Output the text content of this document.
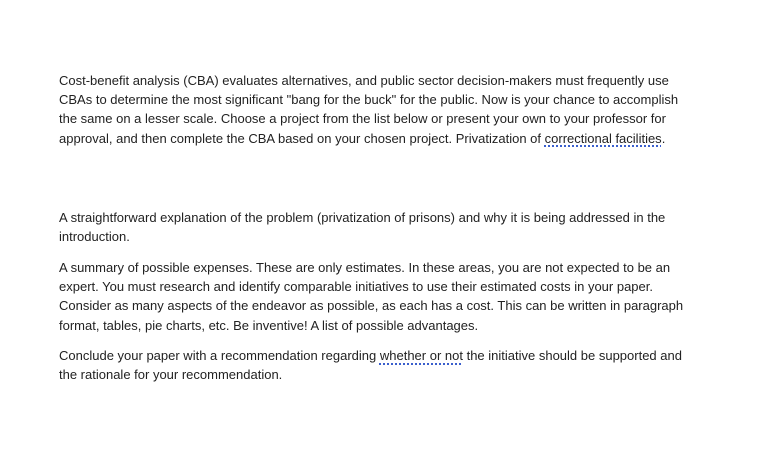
Cost-benefit analysis (CBA) evaluates alternatives, and public sector decision-makers must frequently use CBAs to determine the most significant "bang for the buck" for the public. Now is your chance to accomplish the same on a lesser scale. Choose a project from the list below or present your own to your professor for approval, and then complete the CBA based on your chosen project. Privatization of correctional facilities.

A straightforward explanation of the problem (privatization of prisons) and why it is being addressed in the introduction.

A summary of possible expenses. These are only estimates. In these areas, you are not expected to be an expert. You must research and identify comparable initiatives to use their estimated costs in your paper. Consider as many aspects of the endeavor as possible, as each has a cost. This can be written in paragraph format, tables, pie charts, etc. Be inventive! A list of possible advantages.

Conclude your paper with a recommendation regarding whether or not the initiative should be supported and the rationale for your recommendation.
